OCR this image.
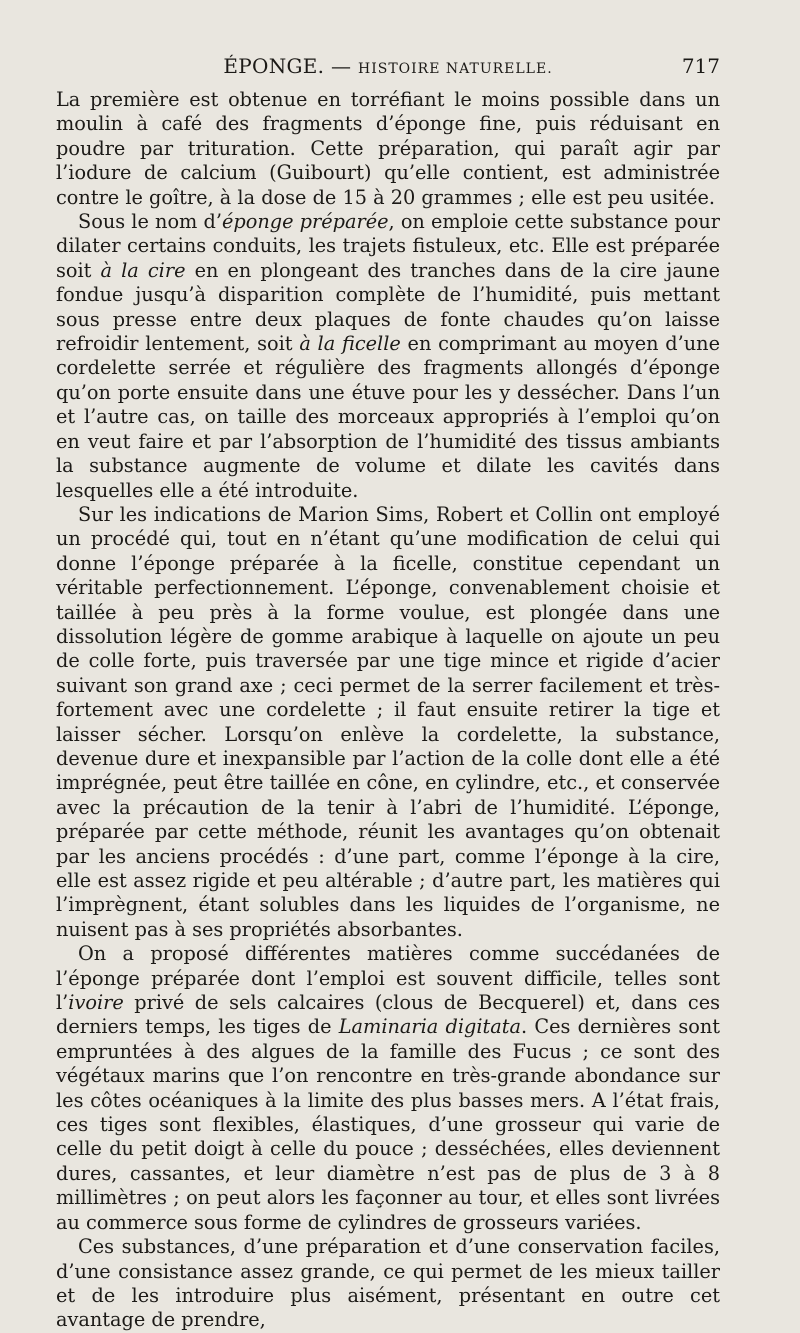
ÉPONGE. — HISTOIRE NATURELLE.	717

La première est obtenue en torréfiant le moins possible dans un moulin à café des fragments d’éponge fine, puis réduisant en poudre par trituration. Cette préparation, qui paraît agir par l’iodure de calcium (Guibourt) qu’elle contient, est administrée contre le goître, à la dose de 15 à 20 grammes ; elle est peu usitée.

Sous le nom d’éponge préparée, on emploie cette substance pour dilater certains conduits, les trajets fistuleux, etc. Elle est préparée soit à la cire en en plongeant des tranches dans de la cire jaune fondue jusqu’à disparition complète de l’humidité, puis mettant sous presse entre deux plaques de fonte chaudes qu’on laisse refroidir lentement, soit à la ficelle en comprimant au moyen d’une cordelette serrée et régulière des fragments allongés d’éponge qu’on porte ensuite dans une étuve pour les y dessécher. Dans l’un et l’autre cas, on taille des morceaux appropriés à l’emploi qu’on en veut faire et par l’absorption de l’humidité des tissus ambiants la substance augmente de volume et dilate les cavités dans lesquelles elle a été introduite.

Sur les indications de Marion Sims, Robert et Collin ont employé un procédé qui, tout en n’étant qu’une modification de celui qui donne l’éponge préparée à la ficelle, constitue cependant un véritable perfectionnement. L’éponge, convenablement choisie et taillée à peu près à la forme voulue, est plongée dans une dissolution légère de gomme arabique à laquelle on ajoute un peu de colle forte, puis traversée par une tige mince et rigide d’acier suivant son grand axe ; ceci permet de la serrer facilement et très-fortement avec une cordelette ; il faut ensuite retirer la tige et laisser sécher. Lorsqu’on enlève la cordelette, la substance, devenue dure et inexpansible par l’action de la colle dont elle a été imprégnée, peut être taillée en cône, en cylindre, etc., et conservée avec la précaution de la tenir à l’abri de l’humidité. L’éponge, préparée par cette méthode, réunit les avantages qu’on obtenait par les anciens procédés : d’une part, comme l’éponge à la cire, elle est assez rigide et peu altérable ; d’autre part, les matières qui l’imprègnent, étant solubles dans les liquides de l’organisme, ne nuisent pas à ses propriétés absorbantes.

On a proposé différentes matières comme succédanées de l’éponge préparée dont l’emploi est souvent difficile, telles sont l’ivoire privé de sels calcaires (clous de Becquerel) et, dans ces derniers temps, les tiges de Laminaria digitata. Ces dernières sont empruntées à des algues de la famille des Fucus ; ce sont des végétaux marins que l’on rencontre en très-grande abondance sur les côtes océaniques à la limite des plus basses mers. A l’état frais, ces tiges sont flexibles, élastiques, d’une grosseur qui varie de celle du petit doigt à celle du pouce ; desséchées, elles deviennent dures, cassantes, et leur diamètre n’est pas de plus de 3 à 8 millimètres ; on peut alors les façonner au tour, et elles sont livrées au commerce sous forme de cylindres de grosseurs variées.

Ces substances, d’une préparation et d’une conservation faciles, d’une consistance assez grande, ce qui permet de les mieux tailler et de les introduire plus aisément, présentant en outre cet avantage de prendre,
